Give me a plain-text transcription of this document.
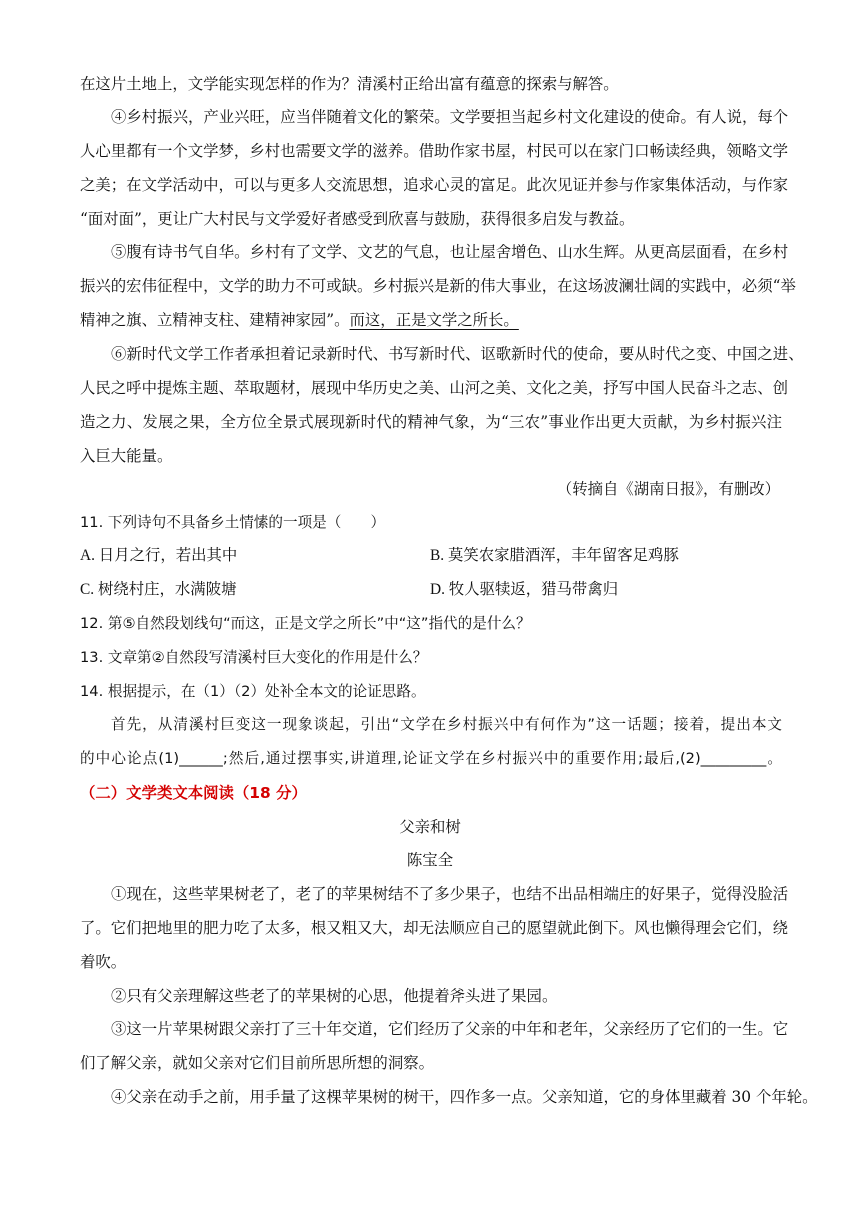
在这片土地上，文学能实现怎样的作为？清溪村正给出富有蕴意的探索与解答。
④乡村振兴，产业兴旺，应当伴随着文化的繁荣。文学要担当起乡村文化建设的使命。有人说，每个
人心里都有一个文学梦，乡村也需要文学的滋养。借助作家书屋，村民可以在家门口畅读经典，领略文学
之美；在文学活动中，可以与更多人交流思想，追求心灵的富足。此次见证并参与作家集体活动，与作家
“面对面”，更让广大村民与文学爱好者感受到欣喜与鼓励，获得很多启发与教益。
⑤腹有诗书气自华。乡村有了文学、文艺的气息，也让屋舍增色、山水生辉。从更高层面看，在乡村
振兴的宏伟征程中，文学的助力不可或缺。乡村振兴是新的伟大事业，在这场波澜壮阔的实践中，必须“举
精神之旗、立精神支柱、建精神家园”。而这，正是文学之所长。
⑥新时代文学工作者承担着记录新时代、书写新时代、讴歌新时代的使命，要从时代之变、中国之进、
人民之呼中提炼主题、萃取题材，展现中华历史之美、山河之美、文化之美，抒写中国人民奋斗之志、创
造之力、发展之果，全方位全景式展现新时代的精神气象，为“三农”事业作出更大贡献，为乡村振兴注
入巨大能量。
（转摘自《湖南日报》，有删改）
11. 下列诗句不具备乡土情愫的一项是（　　）
A. 日月之行，若出其中	B. 莫笑农家腊酒浑，丰年留客足鸡豚
C. 树绕村庄，水满陂塘	D. 牧人驱犊返，猎马带禽归
12. 第⑤自然段划线句“而这，正是文学之所长”中“这”指代的是什么？
13. 文章第②自然段写清溪村巨大变化的作用是什么？
14. 根据提示，在（1）（2）处补全本文的论证思路。
首先，从清溪村巨变这一现象谈起，引出“文学在乡村振兴中有何作为”这一话题；接着，提出本文
的中心论点(1)______;然后,通过摆事实,讲道理,论证文学在乡村振兴中的重要作用;最后,(2)_________。
（二）文学类文本阅读（18 分）
父亲和树
陈宝全
①现在，这些苹果树老了，老了的苹果树结不了多少果子，也结不出品相端庄的好果子，觉得没脸活
了。它们把地里的肥力吃了太多，根又粗又大，却无法顺应自己的愿望就此倒下。风也懒得理会它们，绕
着吹。
②只有父亲理解这些老了的苹果树的心思，他提着斧头进了果园。
③这一片苹果树跟父亲打了三十年交道，它们经历了父亲的中年和老年，父亲经历了它们的一生。它
们了解父亲，就如父亲对它们目前所思所想的洞察。
④父亲在动手之前，用手量了这棵苹果树的树干，四作多一点。父亲知道，它的身体里藏着 30 个年轮。
